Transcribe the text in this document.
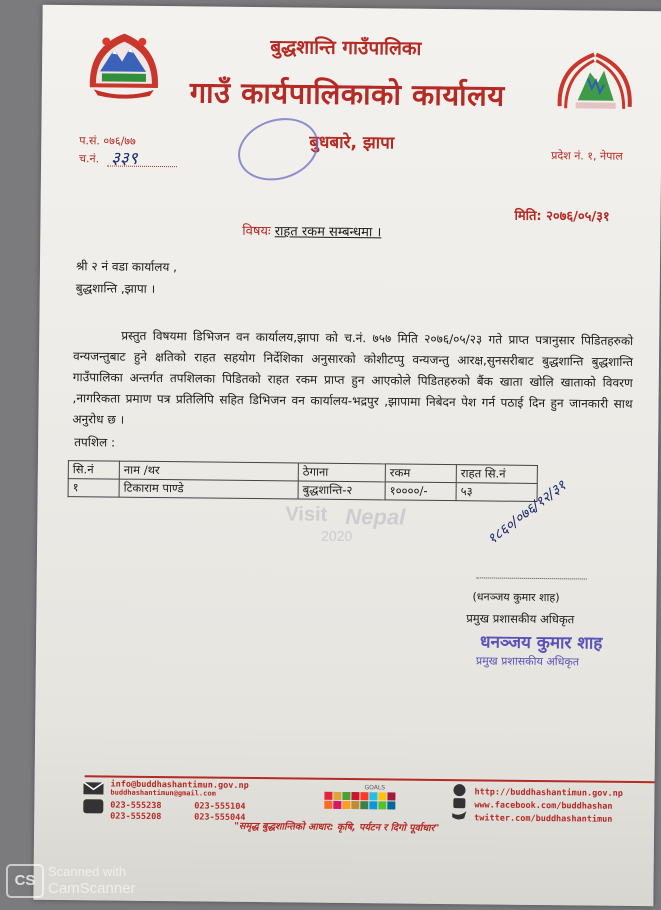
बुद्धशान्ति गाउँपालिका
गाउँ कार्यपालिकाको कार्यालय
बुधबारे, झापा
प्रदेश नं. १, नेपाल
प.सं. ०७६/७७
च.नं. ३३९
मिति: २०७६/०५/३१
विषयः राहत रकम सम्बन्धमा ।
श्री २ नं वडा कार्यालय ,
बुद्धशान्ति ,झापा ।
प्रस्तुत विषयमा डिभिजन वन कार्यालय,झापा को च.नं. ७५७ मिति २०७६/०५/२३ गते प्राप्त पत्रानुसार पिडितहरुको वन्यजन्तुबाट हुने क्षतिको राहत सहयोग निर्देशिका अनुसारको कोशीटप्पु वन्यजन्तु आरक्ष,सुनसरीबाट बुद्धशान्ति बुद्धशान्ति गाउँपालिका अन्तर्गत तपशिलका पिडितको राहत रकम प्राप्त हुन आएकोले पिडितहरुको बैंक खाता खोलि खाताको विवरण ,नागरिकता प्रमाण पत्र प्रतिलिपि सहित डिभिजन वन कार्यालय-भद्रपुर ,झापामा निबेदन पेश गर्न पठाई दिन हुन जानकारी साथ अनुरोध छ ।
तपशिल :
सि.नं	नाम /थर	ठेगाना	रकम	राहत सि.नं
१	टिकाराम पाण्डे	बुद्धशान्ति-२	१००००/-	५३
Visit Nepal
2020	१८६०/०७६/१२/३१
(धनञ्जय कुमार शाह)
प्रमुख प्रशासकीय अधिकृत
धनञ्जय कुमार शाह
प्रमुख प्रशासकीय अधिकृत
info@buddhashantimun.gov.np
buddhashantimun@gmail.com
023-555238	023-555104
023-555208	023-555044
GOALS	http://buddhashantimun.gov.np
www.facebook.com/buddhashan
twitter.com/buddhashantimun
"समृद्ध बुद्धशान्तिको आधार: कृषि, पर्यटन र दिगो पूर्वाधार"
CS
Scanned with
CamScanner
